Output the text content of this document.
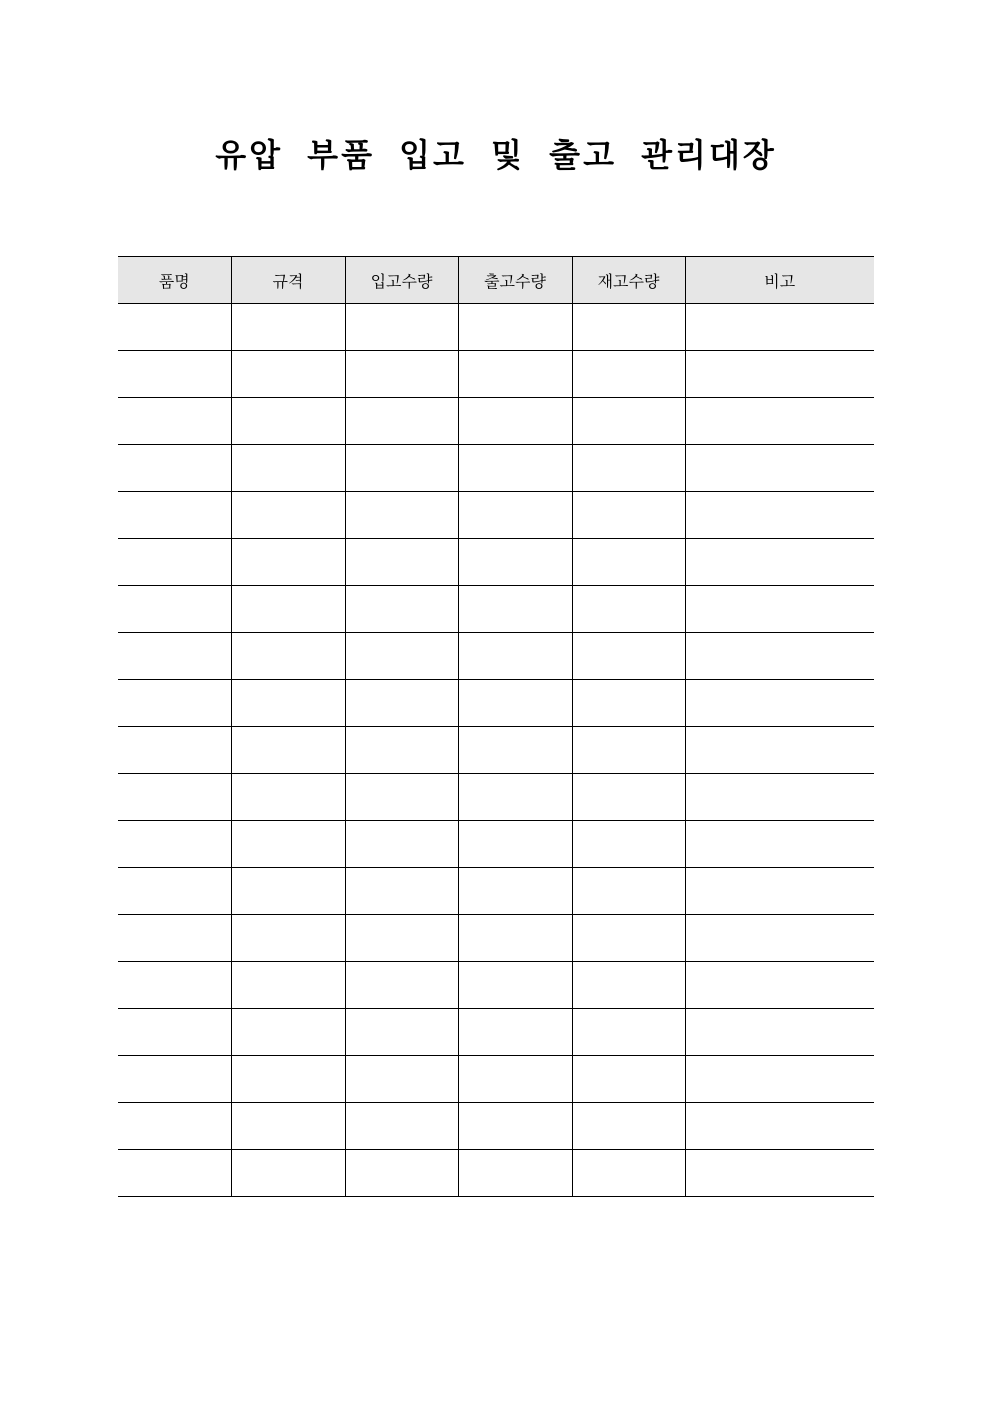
유압 부품 입고 및 출고 관리대장
품명	규격	입고수량	출고수량	재고수량	비고
